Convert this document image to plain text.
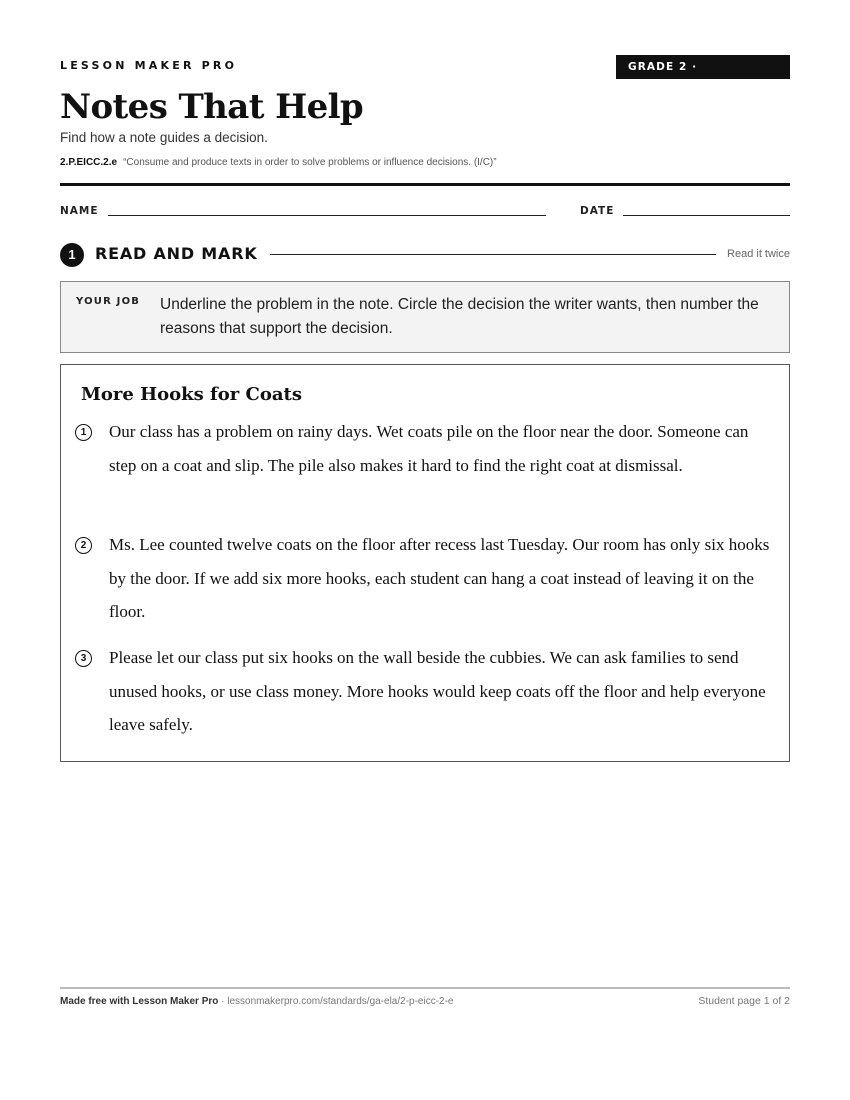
LESSON MAKER PRO	GRADE 2 · 2.P.EICC.2.e
Notes That Help
Find how a note guides a decision.
2.P.EICC.2.e “Consume and produce texts in order to solve problems or influence decisions. (I/C)”
NAME	DATE
1	READ AND MARK	Read it twice
YOUR JOB Underline the problem in the note. Circle the decision the writer wants, then number the reasons that support the decision.
More Hooks for Coats
1	Our class has a problem on rainy days. Wet coats pile on the floor near the door. Someone can step on a coat and slip. The pile also makes it hard to find the right coat at dismissal.
2	Ms. Lee counted twelve coats on the floor after recess last Tuesday. Our room has only six hooks by the door. If we add six more hooks, each student can hang a coat instead of leaving it on the floor.
3	Please let our class put six hooks on the wall beside the cubbies. We can ask families to send unused hooks, or use class money. More hooks would keep coats off the floor and help everyone leave safely.
Made free with Lesson Maker Pro · lessonmakerpro.com/standards/ga-ela/2-p-eicc-2-e	Student page 1 of 2
